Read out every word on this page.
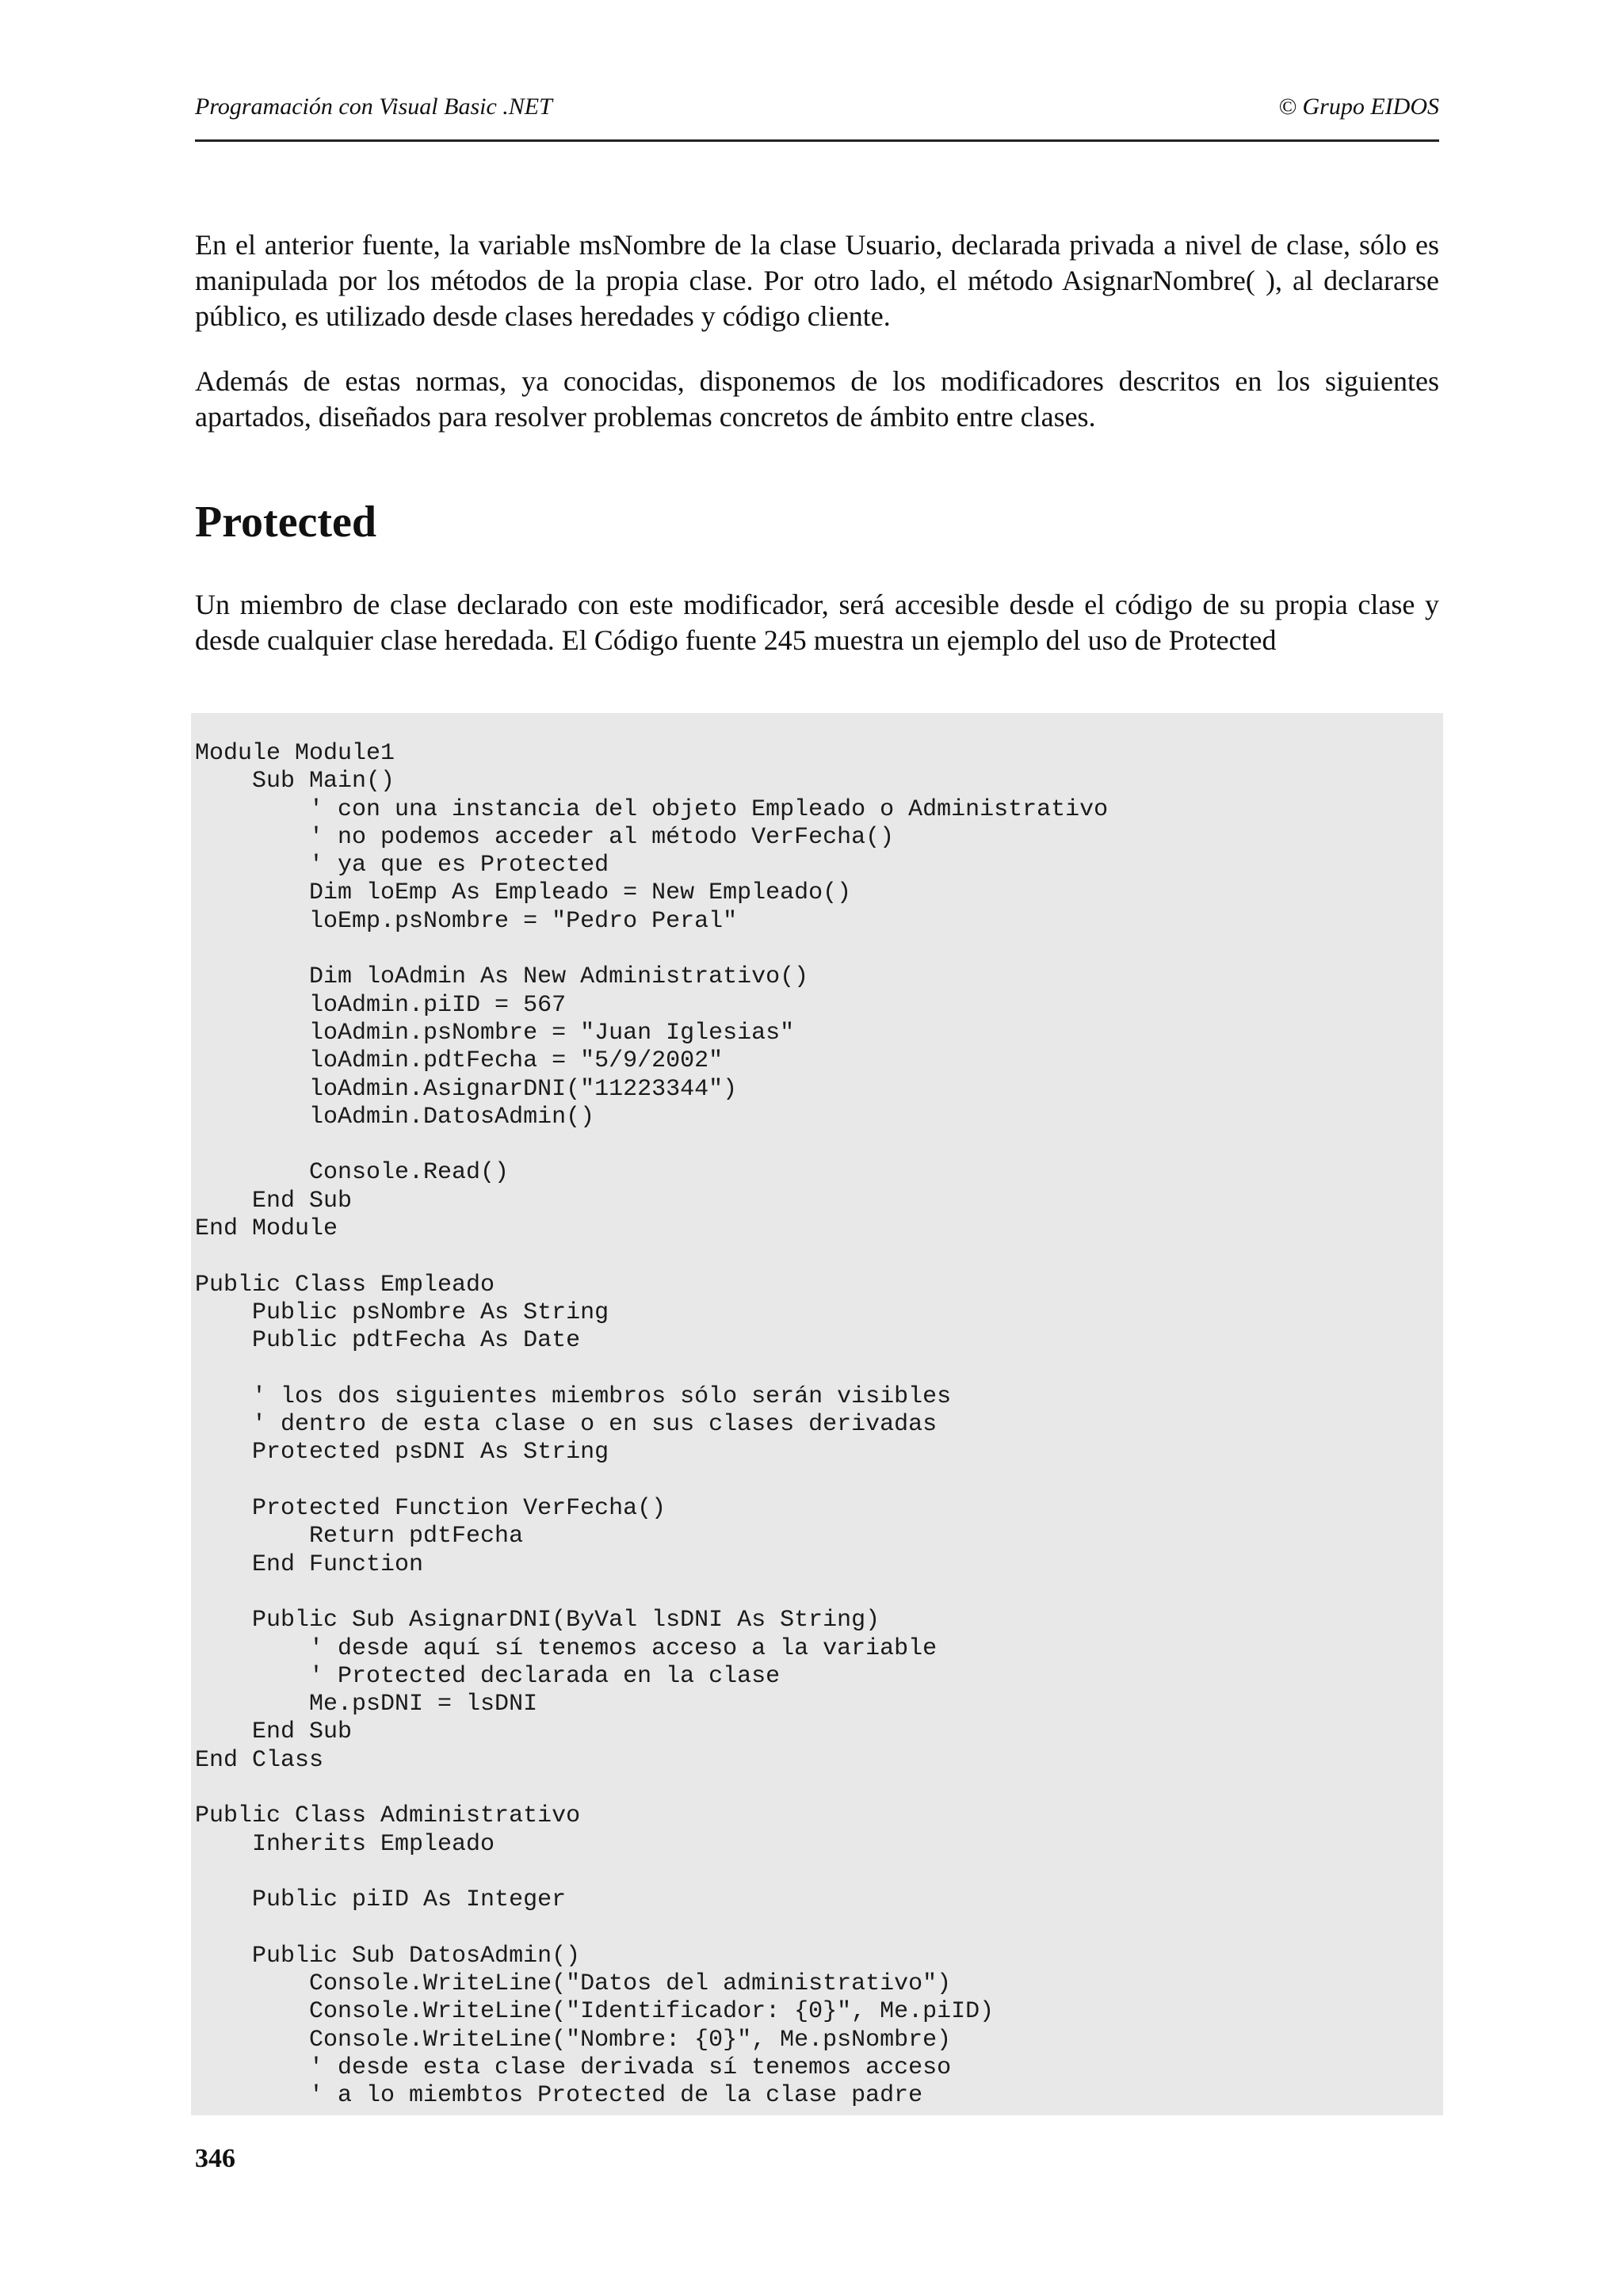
Programación con Visual Basic .NET	© Grupo EIDOS

En el anterior fuente, la variable msNombre de la clase Usuario, declarada privada a nivel de clase, sólo es manipulada por los métodos de la propia clase. Por otro lado, el método AsignarNombre( ), al declararse público, es utilizado desde clases heredades y código cliente.

Además de estas normas, ya conocidas, disponemos de los modificadores descritos en los siguientes apartados, diseñados para resolver problemas concretos de ámbito entre clases.

Protected

Un miembro de clase declarado con este modificador, será accesible desde el código de su propia clase y desde cualquier clase heredada. El Código fuente 245 muestra un ejemplo del uso de Protected

Module Module1
Sub Main()
' con una instancia del objeto Empleado o Administrativo
' no podemos acceder al método VerFecha()
' ya que es Protected
Dim loEmp As Empleado = New Empleado()
loEmp.psNombre = "Pedro Peral"

Dim loAdmin As New Administrativo()
loAdmin.piID = 567
loAdmin.psNombre = "Juan Iglesias"
loAdmin.pdtFecha = "5/9/2002"
loAdmin.AsignarDNI("11223344")
loAdmin.DatosAdmin()

Console.Read()
End Sub
End Module

Public Class Empleado
Public psNombre As String
Public pdtFecha As Date

' los dos siguientes miembros sólo serán visibles
' dentro de esta clase o en sus clases derivadas
Protected psDNI As String

Protected Function VerFecha()
Return pdtFecha
End Function

Public Sub AsignarDNI(ByVal lsDNI As String)
' desde aquí sí tenemos acceso a la variable
' Protected declarada en la clase
Me.psDNI = lsDNI
End Sub
End Class

Public Class Administrativo
Inherits Empleado

Public piID As Integer

Public Sub DatosAdmin()
Console.WriteLine("Datos del administrativo")
Console.WriteLine("Identificador: {0}", Me.piID)
Console.WriteLine("Nombre: {0}", Me.psNombre)
' desde esta clase derivada sí tenemos acceso
' a lo miembtos Protected de la clase padre
346
